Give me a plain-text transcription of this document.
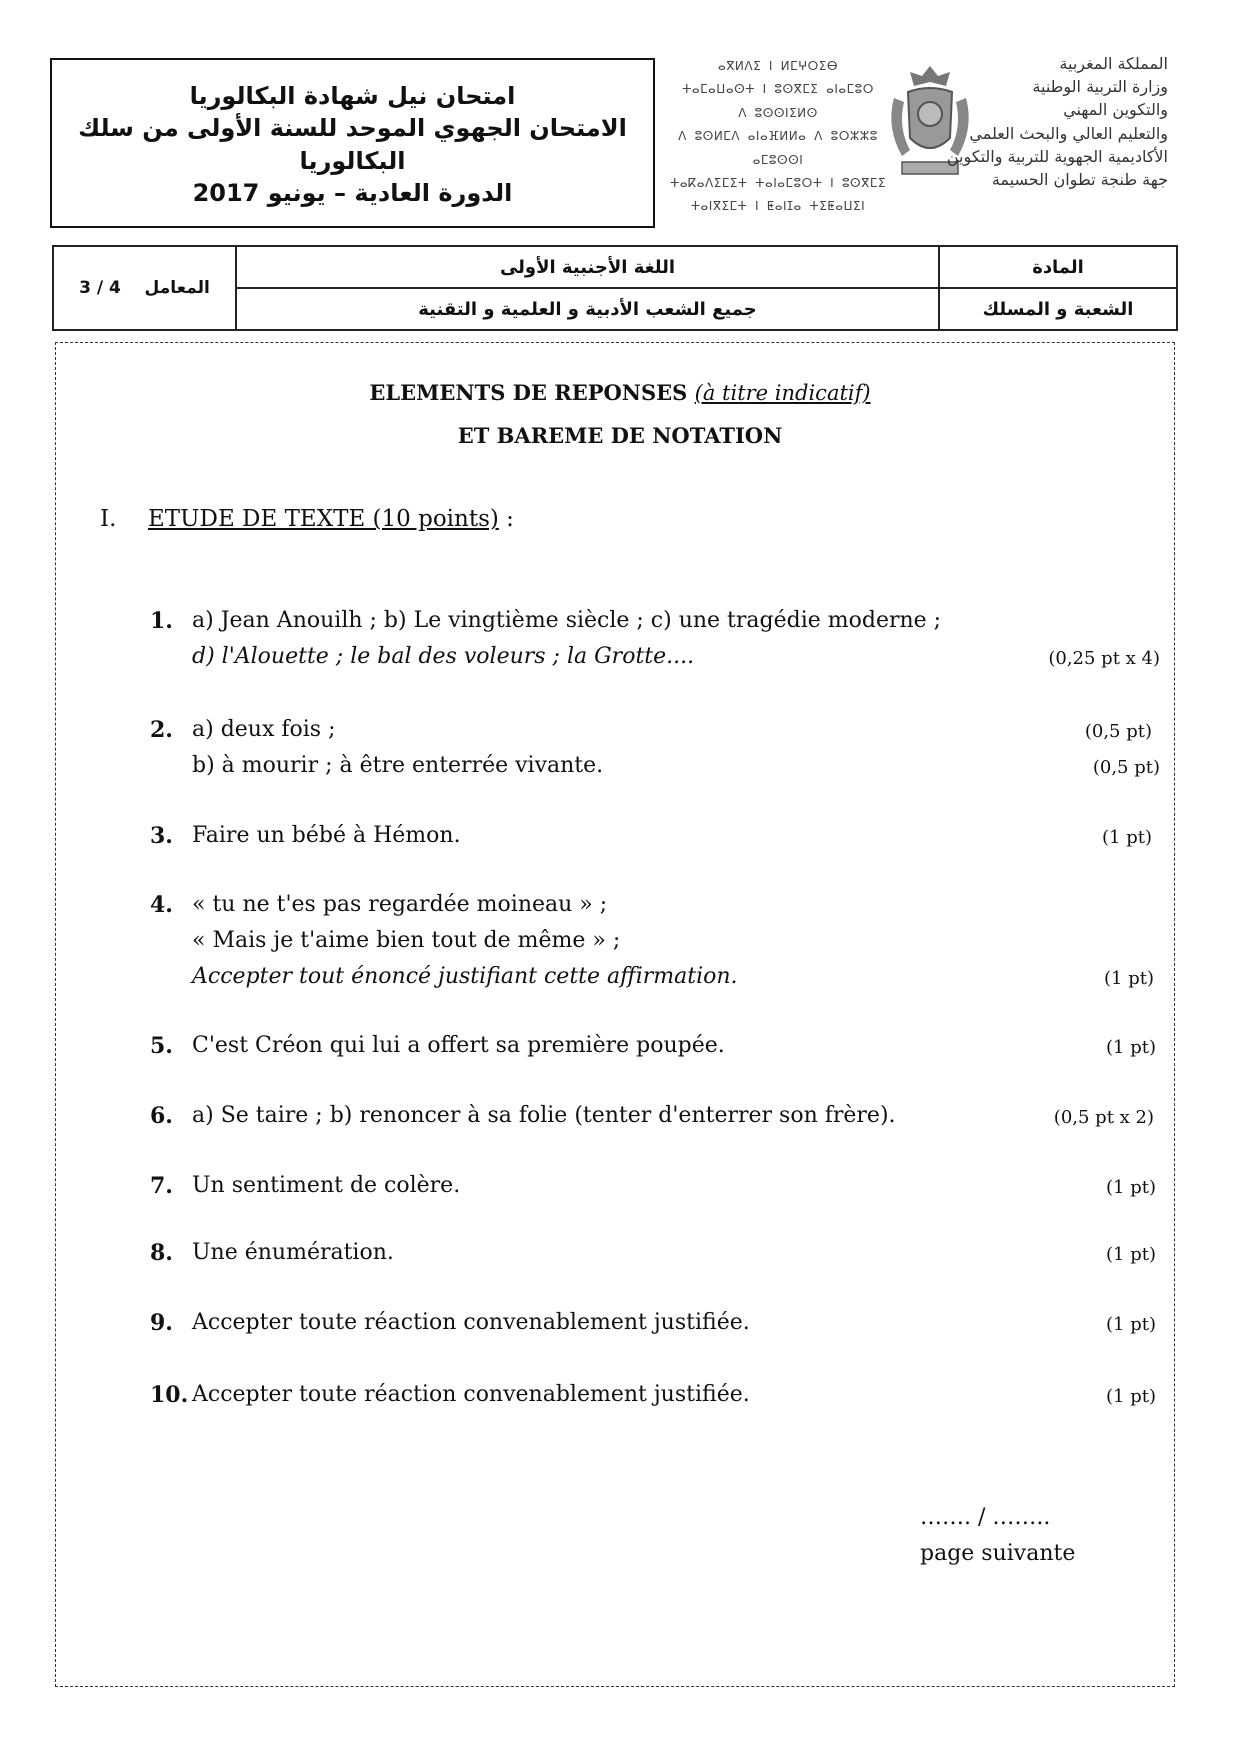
امتحان نيل شهادة البكالوريا
الامتحان الجهوي الموحد للسنة الأولى من سلك البكالوريا
الدورة العادية – يونيو 2017
ⴰⴳⵍⴷⵉ ⵏ ⵍⵎⵖⵔⵉⴱ
ⵜⴰⵎⴰⵡⴰⵙⵜ ⵏ ⵓⵙⴳⵎⵉ ⴰⵏⴰⵎⵓⵔ
ⴷ ⵓⵙⵙⵏⵉⵍⵙ
ⴷ ⵓⵙⵍⵎⴷ ⴰⵏⴰⴼⵍⵍⴰ ⴷ ⵓⵔⵣⵣⵓ ⴰⵎⵓⵙⵙⵏ
ⵜⴰⴽⴰⴷⵉⵎⵉⵜ ⵜⴰⵏⴰⵎⵓⵔⵜ ⵏ ⵓⵙⴳⵎⵉ
ⵜⴰⵏⴳⵉⵎⵜ ⵏ ⵟⴰⵏⵊⴰ ⵜⵉⵟⴰⵡⵉⵏ
المملكة المغربية
وزارة التربية الوطنية
والتكوين المهني
والتعليم العالي والبحث العلمي
الأكاديمية الجهوية للتربية والتكوين
جهة طنجة تطوان الحسيمة
المادة	اللغة الأجنبية الأولى	المعامل    3 / 4
الشعبة و المسلك	جميع الشعب الأدبية و العلمية و التقنية	
ELEMENTS DE REPONSES (à titre indicatif)
ET BAREME DE NOTATION
I. ETUDE DE TEXTE (10 points) :
1. a) Jean Anouilh ; b) Le vingtième siècle ; c) une tragédie moderne ;
d) l'Alouette ; le bal des voleurs ; la Grotte....	(0,25 pt x 4)
2. a) deux fois ;	(0,5 pt)
b) à mourir ; à être enterrée vivante.	(0,5 pt)
3. Faire un bébé à Hémon.	(1 pt)
4. « tu ne t'es pas regardée moineau » ;
« Mais je t'aime bien tout de même » ;
Accepter tout énoncé justifiant cette affirmation.	(1 pt)
5. C'est Créon qui lui a offert sa première poupée.	(1 pt)
6. a) Se taire ; b) renoncer à sa folie (tenter d'enterrer son frère).	(0,5 pt x 2)
7. Un sentiment de colère.	(1 pt)
8. Une énumération.	(1 pt)
9. Accepter toute réaction convenablement justifiée.	(1 pt)
10. Accepter toute réaction convenablement justifiée.	(1 pt)
……. / ……..
page suivante
